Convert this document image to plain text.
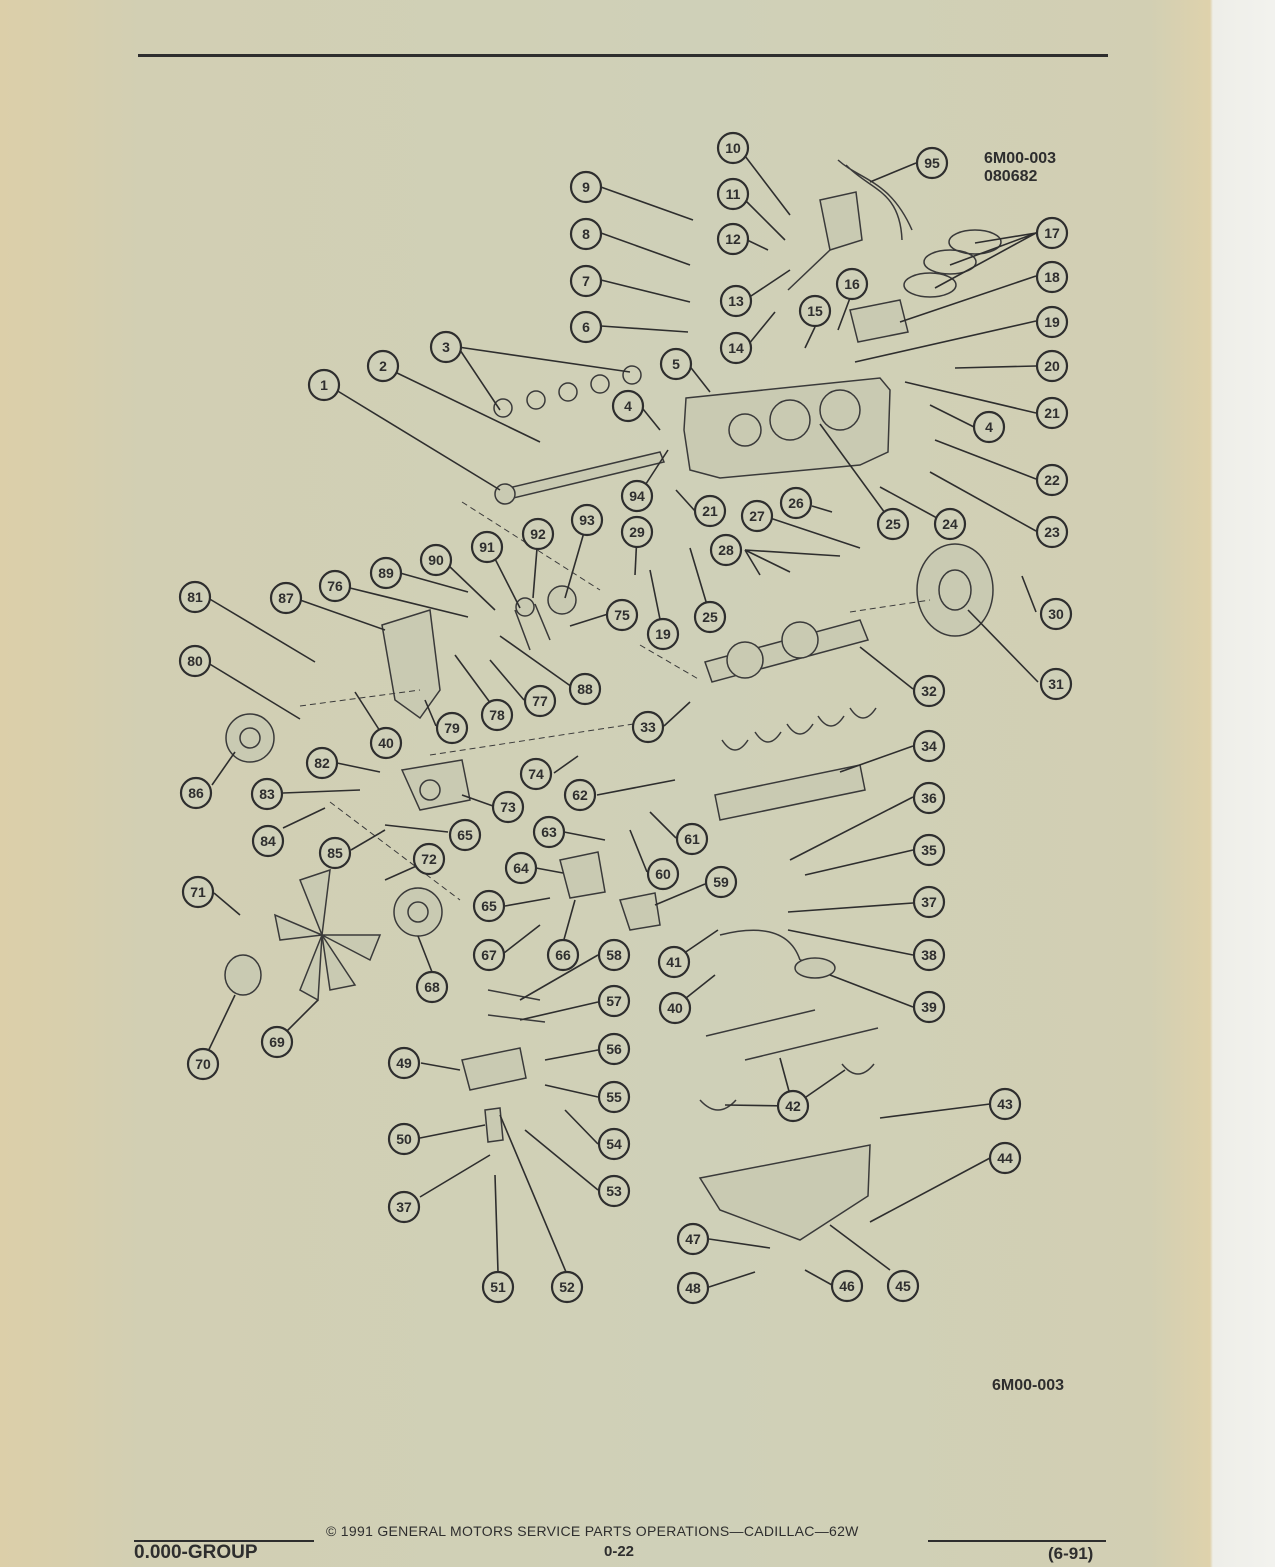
6M00-003
080682
10
95
9	11
17
8	12
18
7
13
16
15
6
14
19
3
5
2	20
1
21
4
4
22
94
23
26
21
93	27	25	24
92	29
91	28
90
89
76
81	87
75	30
25
19
80
31
88	32
78
77
79	33
40	34
82
74
86	83	62
73
36
84	65	63	61
85	72
35
64	60	59
71
65	37
38
67	66	41
58
68
39
40
57
69
70
56
49
55
42	43
54
50
44
53
37
47
51	52	48	46	45
6M00-003
© 1991 GENERAL MOTORS SERVICE PARTS OPERATIONS—CADILLAC—62W
0.000-GROUP	0-22	(6-91)
